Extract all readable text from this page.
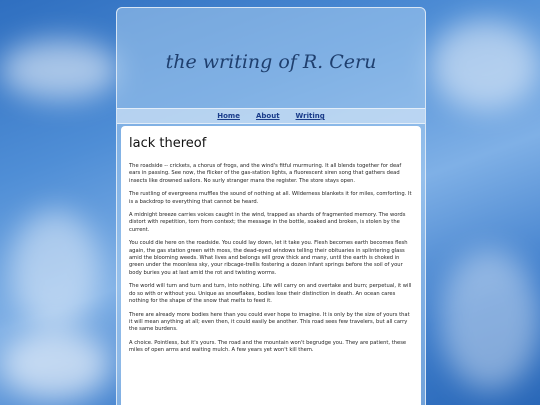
the writing of R. Ceru
Home About Writing
lack thereof

The roadside -- crickets, a chorus of frogs, and the wind's fitful murmuring. It all blends together for deaf ears in passing. See now, the flicker of the gas-station lights, a fluorescent siren song that gathers dead insects like drowned sailors. No surly stranger mans the register. The store stays open.

The rustling of evergreens muffles the sound of nothing at all. Wilderness blankets it for miles, comforting. It is a backdrop to everything that cannot be heard.

A midnight breeze carries voices caught in the wind, trapped as shards of fragmented memory. The words distort with repetition, torn from context; the message in the bottle, soaked and broken, is stolen by the current.

You could die here on the roadside. You could lay down, let it take you. Flesh becomes earth becomes flesh again, the gas station green with moss, the dead-eyed windows telling their obituaries in splintering glass amid the blooming weeds. What lives and belongs will grow thick and many, until the earth is choked in green under the moonless sky, your ribcage-trellis fostering a dozen infant springs before the soil of your body buries you at last amid the rot and twisting worms.

The world will turn and turn and turn, into nothing. Life will carry on and overtake and burn; perpetual, it will do so with or without you. Unique as snowflakes, bodies lose their distinction in death. An ocean cares nothing for the shape of the snow that melts to feed it.

There are already more bodies here than you could ever hope to imagine. It is only by the size of yours that it will mean anything at all; even then, it could easily be another. This road sees few travelers, but all carry the same burdens.

A choice. Pointless, but it's yours. The road and the mountain won't begrudge you. They are patient, these miles of open arms and waiting mulch. A few years yet won't kill them.
